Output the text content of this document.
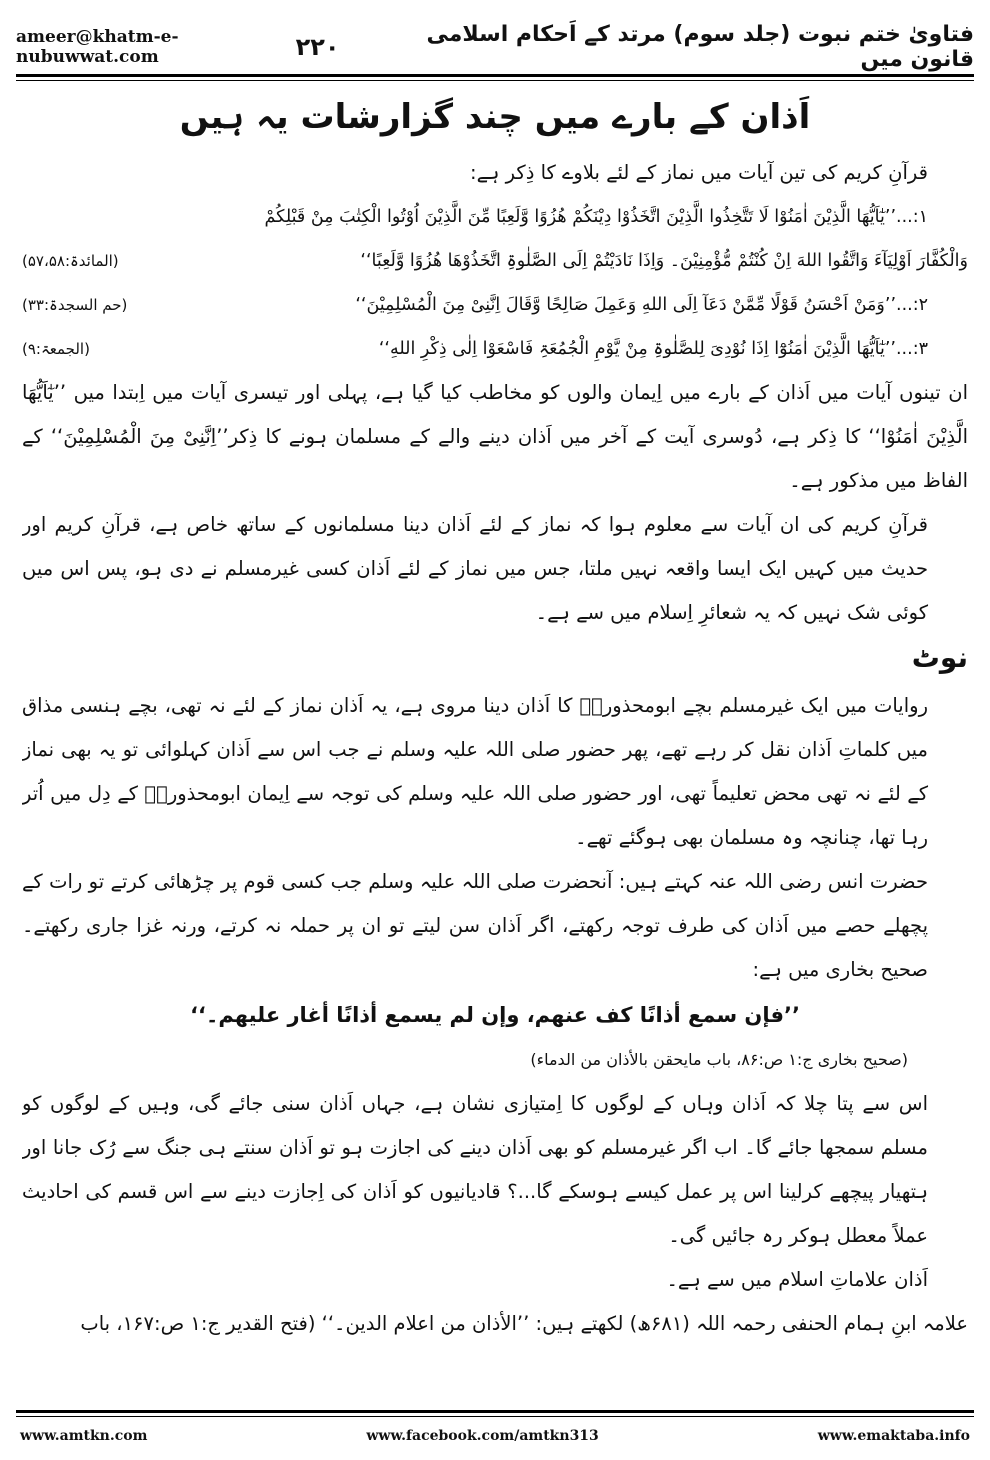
ameer@khatm-e-nubuwwat.com
فتاویٰ ختم نبوت (جلد سوم) مرتد کے اَحکام اسلامی قانون میں
۲۲۰
اَذان کے بارے میں چند گزارشات یہ ہیں

قرآنِ کریم کی تین آیات میں نماز کے لئے بلاوے کا ذِکر ہے:

۱:...’’یٰٓاَیُّھَا الَّذِیْنَ اٰمَنُوْا لَا تَتَّخِذُوا الَّذِیْنَ اتَّخَذُوْا دِیْنَکُمْ ھُزُوًا وَّلَعِبًا مِّنَ الَّذِیْنَ اُوْتُوا الْکِتٰبَ مِنْ قَبْلِکُمْ

وَالْکُفَّارَ اَوْلِیَآءَ وَاتَّقُوا اللهَ اِنْ کُنْتُمْ مُّؤْمِنِیْنَ۔ وَاِذَا نَادَیْتُمْ اِلَی الصَّلٰوۃِ اتَّخَذُوْھَا ھُزُوًا وَّلَعِبًا‘‘
(المائدۃ:۵۷،۵۸)

۲:...’’وَمَنْ اَحْسَنُ قَوْلًا مِّمَّنْ دَعَآ اِلَی اللهِ وَعَمِلَ صَالِحًا وَّقَالَ اِنَّنِیْ مِنَ الْمُسْلِمِیْنَ‘‘
(حم السجدۃ:۳۳)

۳:...’’یٰٓاَیُّھَا الَّذِیْنَ اٰمَنُوْٓا اِذَا نُوْدِیَ لِلصَّلٰوۃِ مِنْ یَّوْمِ الْجُمُعَۃِ فَاسْعَوْا اِلٰی ذِکْرِ اللهِ‘‘
(الجمعۃ:۹)

ان تینوں آیات میں اَذان کے بارے میں اِیمان والوں کو مخاطب کیا گیا ہے، پہلی اور تیسری آیات میں اِبتدا میں ’’یٰٓاَیُّھَا الَّذِیْنَ اٰمَنُوْا‘‘ کا ذِکر ہے، دُوسری آیت کے آخر میں اَذان دینے والے کے مسلمان ہونے کا ذِکر’’اِنَّنِیْ مِنَ الْمُسْلِمِیْنَ‘‘ کے الفاظ میں مذکور ہے۔

قرآنِ کریم کی ان آیات سے معلوم ہوا کہ نماز کے لئے اَذان دینا مسلمانوں کے ساتھ خاص ہے، قرآنِ کریم اور حدیث میں کہیں ایک ایسا واقعہ نہیں ملتا، جس میں نماز کے لئے اَذان کسی غیرمسلم نے دی ہو، پس اس میں کوئی شک نہیں کہ یہ شعائرِ اِسلام میں سے ہے۔

نوٹ

روایات میں ایک غیرمسلم بچے ابومحذورہؓ کا اَذان دینا مروی ہے، یہ اَذان نماز کے لئے نہ تھی، بچے ہنسی مذاق میں کلماتِ اَذان نقل کر رہے تھے، پھر حضور صلی اللہ علیہ وسلم نے جب اس سے اَذان کہلوائی تو یہ بھی نماز کے لئے نہ تھی محض تعلیماً تھی، اور حضور صلی اللہ علیہ وسلم کی توجہ سے اِیمان ابومحذورہؓ کے دِل میں اُتر رہا تھا، چنانچہ وہ مسلمان بھی ہوگئے تھے۔

حضرت انس رضی اللہ عنہ کہتے ہیں: آنحضرت صلی اللہ علیہ وسلم جب کسی قوم پر چڑھائی کرتے تو رات کے پچھلے حصے میں اَذان کی طرف توجہ رکھتے، اگر اَذان سن لیتے تو ان پر حملہ نہ کرتے، ورنہ غزا جاری رکھتے۔ صحیح بخاری میں ہے:

’’فإن سمع أذانًا كف عنهم، وإن لم يسمع أذانًا أغار عليهم۔‘‘

(صحیح بخاری ج:۱ ص:۸۶، باب مایحقن بالأذان من الدماء)

اس سے پتا چلا کہ اَذان وہاں کے لوگوں کا اِمتیازی نشان ہے، جہاں اَذان سنی جائے گی، وہیں کے لوگوں کو مسلم سمجھا جائے گا۔ اب اگر غیرمسلم کو بھی اَذان دینے کی اجازت ہو تو اَذان سنتے ہی جنگ سے رُک جانا اور ہتھیار پیچھے کرلینا اس پر عمل کیسے ہوسکے گا...؟ قادیانیوں کو اَذان کی اِجازت دینے سے اس قسم کی احادیث عملاً معطل ہوکر رہ جائیں گی۔

اَذان علاماتِ اسلام میں سے ہے۔

علامہ ابنِ ہمام الحنفی رحمہ اللہ (۶۸۱ھ) لکھتے ہیں: ’’الأذان من اعلام الدین۔‘‘ (فتح القدیر ج:۱ ص:۱۶۷، باب

www.amtkn.com	www.facebook.com/amtkn313	www.emaktaba.info
